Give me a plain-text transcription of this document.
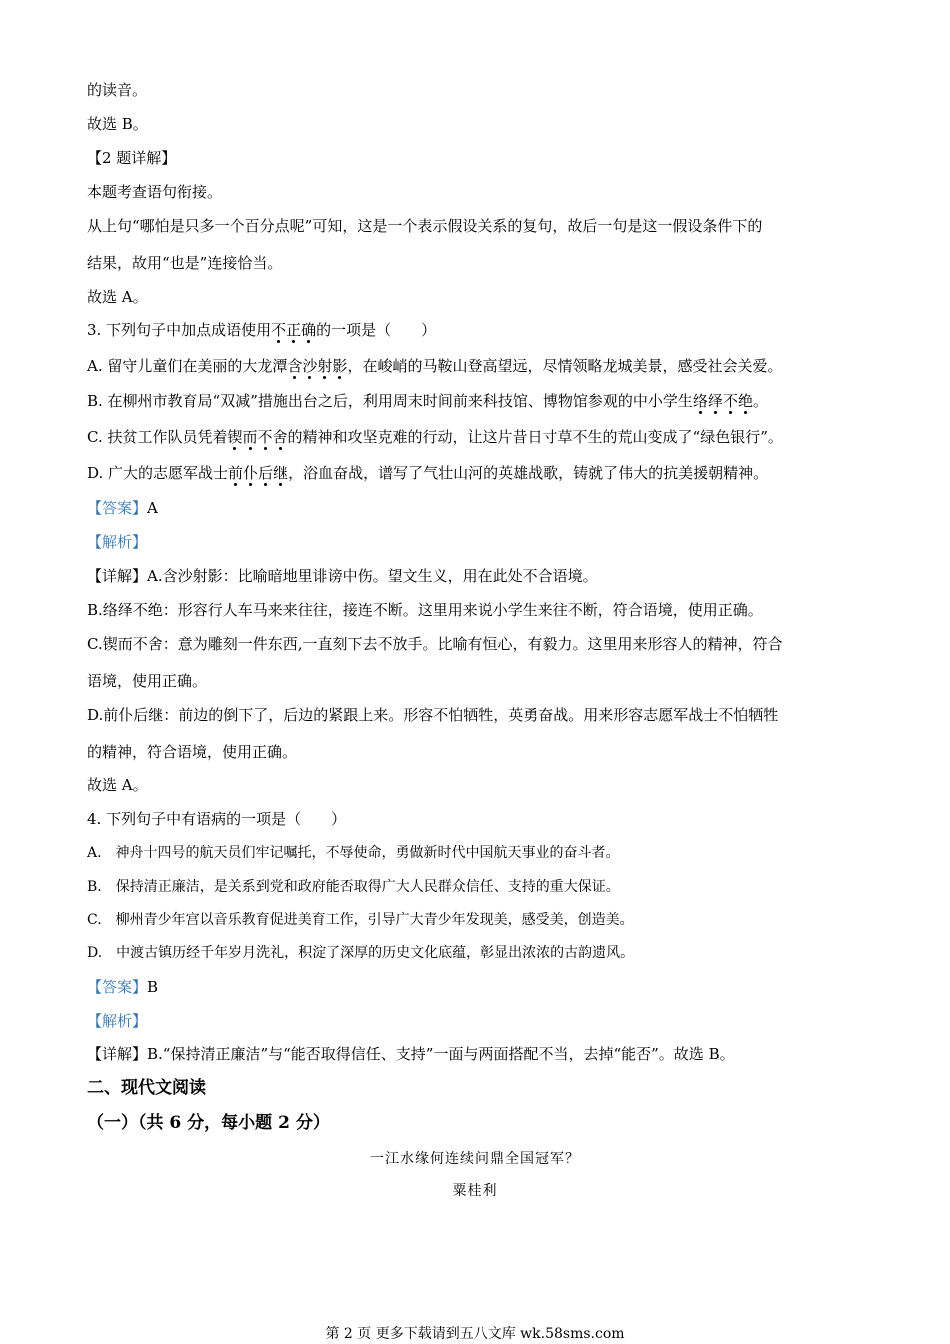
的读音。
故选 B。
【2 题详解】
本题考查语句衔接。
从上句“哪怕是只多一个百分点呢”可知，这是一个表示假设关系的复句，故后一句是这一假设条件下的
结果，故用“也是”连接恰当。
故选 A。
3. 下列句子中加点成语使用不正确的一项是（　　）
A. 留守儿童们在美丽的大龙潭含沙射影，在峻峭的马鞍山登高望远，尽情领略龙城美景，感受社会关爱。
B. 在柳州市教育局“双减”措施出台之后，利用周末时间前来科技馆、博物馆参观的中小学生络绎不绝。
C. 扶贫工作队员凭着锲而不舍的精神和攻坚克难的行动，让这片昔日寸草不生的荒山变成了“绿色银行”。
D. 广大的志愿军战士前仆后继，浴血奋战，谱写了气壮山河的英雄战歌，铸就了伟大的抗美援朝精神。
【答案】A
【解析】
【详解】A.含沙射影：比喻暗地里诽谤中伤。望文生义，用在此处不合语境。
B.络绎不绝：形容行人车马来来往往，接连不断。这里用来说小学生来往不断，符合语境，使用正确。
C.锲而不舍：意为雕刻一件东西,一直刻下去不放手。比喻有恒心，有毅力。这里用来形容人的精神，符合
语境，使用正确。
D.前仆后继：前边的倒下了，后边的紧跟上来。形容不怕牺牲，英勇奋战。用来形容志愿军战士不怕牺牲
的精神，符合语境，使用正确。
故选 A。
4. 下列句子中有语病的一项是（　　）
A.　神舟十四号的航天员们牢记嘱托，不辱使命，勇做新时代中国航天事业的奋斗者。
B.　保持清正廉洁，是关系到党和政府能否取得广大人民群众信任、支持的重大保证。
C.　柳州青少年宫以音乐教育促进美育工作，引导广大青少年发现美，感受美，创造美。
D.　中渡古镇历经千年岁月洗礼，积淀了深厚的历史文化底蕴，彰显出浓浓的古韵遗风。
【答案】B
【解析】
【详解】B.“保持清正廉洁”与“能否取得信任、支持”一面与两面搭配不当，去掉“能否”。故选 B。
二、现代文阅读
（一）（共 6 分，每小题 2 分）
一江水缘何连续问鼎全国冠军？
粟桂利
第 2 页 更多下载请到五八文库 wk.58sms.com
